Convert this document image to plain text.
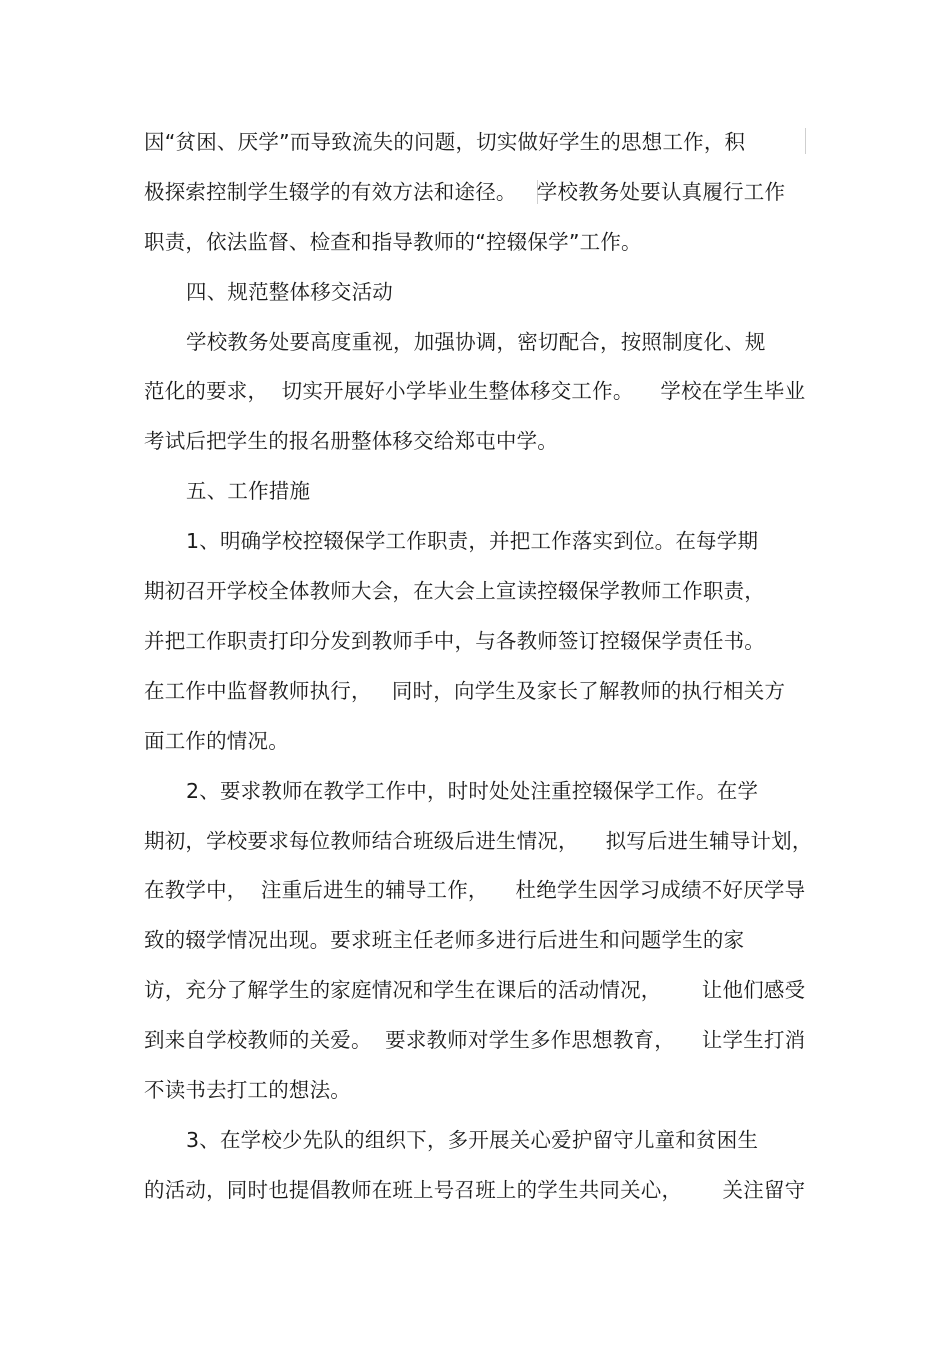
因“贫困、厌学”而导致流失的问题，切实做好学生的思想工作，积
极探索控制学生辍学的有效方法和途径。   学校教务处要认真履行工作
职责，依法监督、检查和指导教师的“控辍保学”工作。
四、规范整体移交活动
学校教务处要高度重视，加强协调，密切配合，按照制度化、规
范化的要求，  切实开展好小学毕业生整体移交工作。    学校在学生毕业
考试后把学生的报名册整体移交给郑屯中学。
五、工作措施
1、明确学校控辍保学工作职责，并把工作落实到位。在每学期
期初召开学校全体教师大会，在大会上宣读控辍保学教师工作职责，
并把工作职责打印分发到教师手中，与各教师签订控辍保学责任书。
在工作中监督教师执行，   同时，向学生及家长了解教师的执行相关方
面工作的情况。
2、要求教师在教学工作中，时时处处注重控辍保学工作。在学
期初，学校要求每位教师结合班级后进生情况，    拟写后进生辅导计划，
在教学中，  注重后进生的辅导工作，    杜绝学生因学习成绩不好厌学导
致的辍学情况出现。要求班主任老师多进行后进生和问题学生的家
访，充分了解学生的家庭情况和学生在课后的活动情况，      让他们感受
到来自学校教师的关爱。  要求教师对学生多作思想教育，    让学生打消
不读书去打工的想法。
3、在学校少先队的组织下，多开展关心爱护留守儿童和贫困生
的活动，同时也提倡教师在班上号召班上的学生共同关心，      关注留守
